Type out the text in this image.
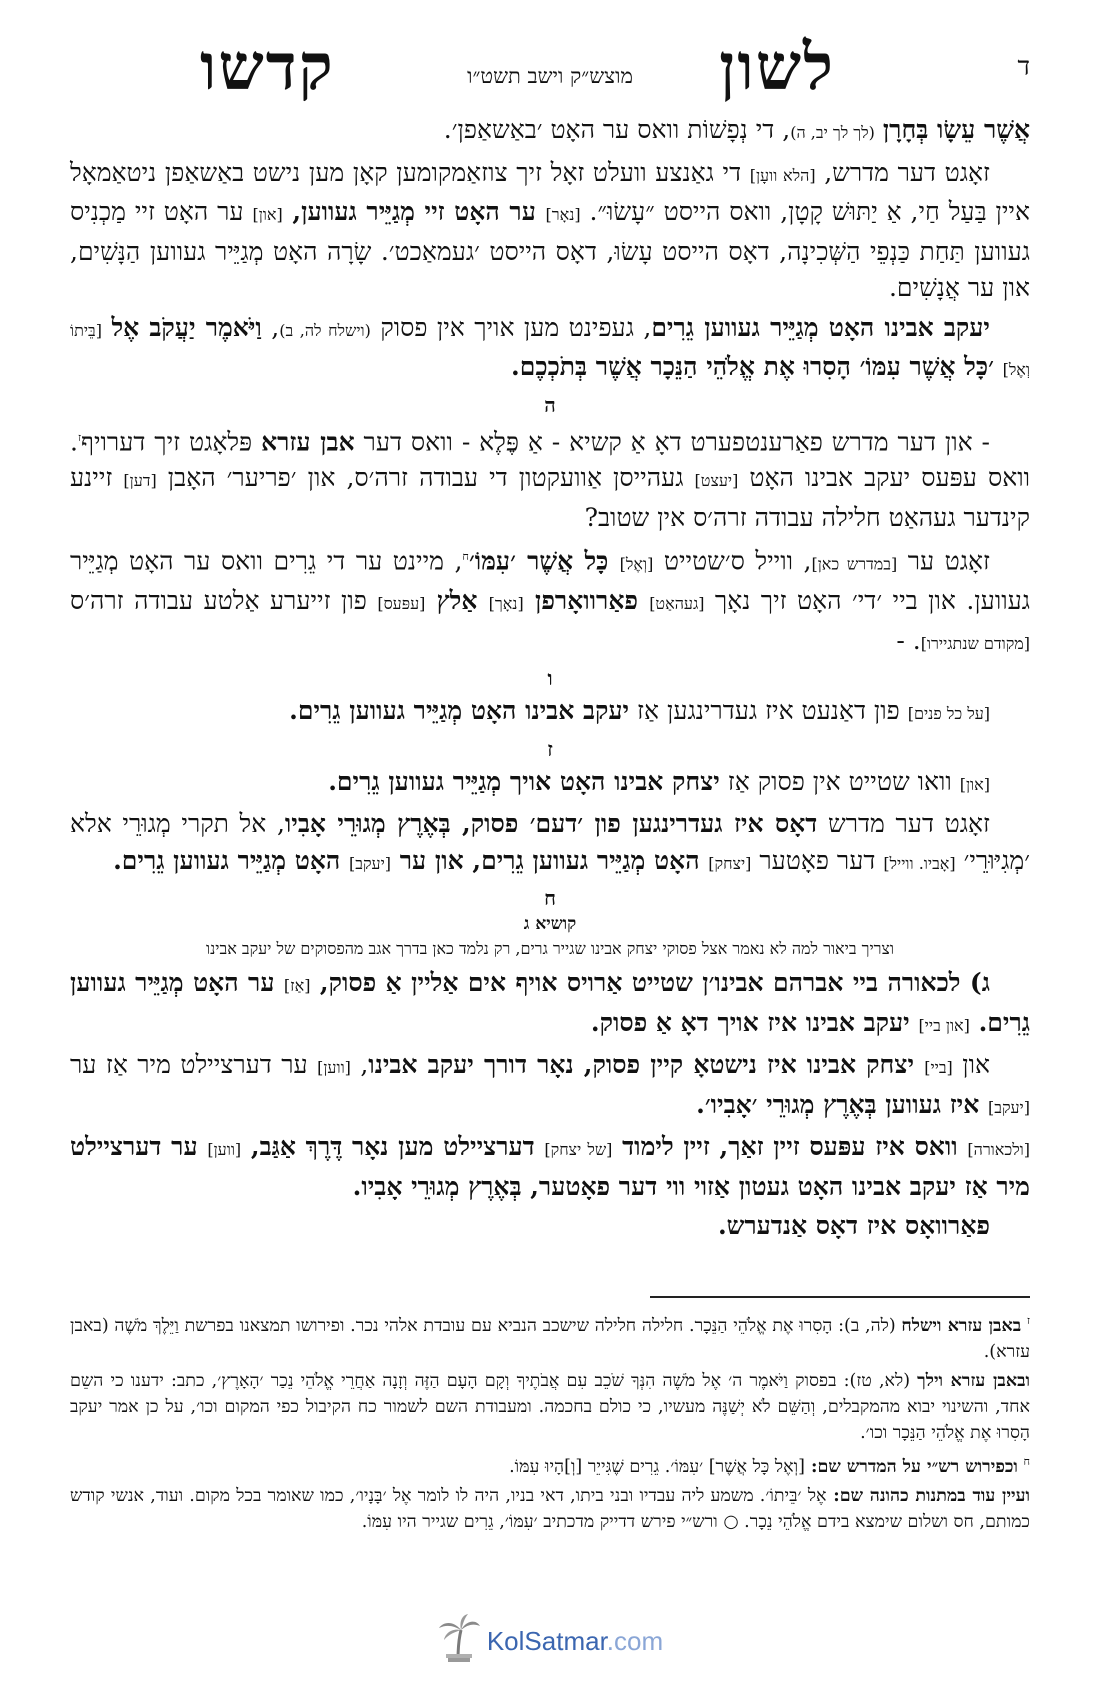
ד
לשון
מוצש״ק וישב תשט״ו
קדשו

אֲשֶׁר עֵשָׂו בְּחָרָן (לך לך יב, ה), די נְפָשׁוֹת וואס ער האָט ׳באַשאַפן׳.

זאָגט דער מדרש, [הלא וועָן] די גאַנצע וועלט זאָל זיך צוזאַמקומען קאָן מען נישט באַשאַפן ניטאַמאָל איין בַּעַל חַי, אַ יַתּוּשׁ קָטָן, וואס הייסט ״עָשׂוּ״. [נאָר] ער האָט זיי מְגַיֵּיר געווען, [און] ער האָט זיי מַכְנִיס געווען תַּחַת כַּנְפֵי הַשְּׁכִינָה, דאָס הייסט עָשׂוּ, דאָס הייסט ׳געמאַכט׳. שָׂרָה האָט מְגַיֵּיר געווען הַנָּשִׁים, און ער אֲנָשִׁים.

יעקב אבינו האָט מְגַיֵּיר געווען גֵרִים, געפינט מען אויך אין פסוק (וישלח לה, ב), וַיֹּאמֶר יַעֲקֹב אֶל [בֵּיתוֹ וְאֶל] ׳כָּל אֲשֶׁר עִמּוֹ׳ הָסִרוּ אֶת אֱלֹהֵי הַנֵּכָר אֲשֶׁר בְּתֹכְכֶם.

ה

- און דער מדרש פאַרענטפערט דאָ אַ קשיא - אַ פֶּלֶא - וואס דער אבן עזרא פּלאָגט זיך דערויף$^ז$. וואס עפּעס יעקב אבינו האָט [יעצט] געהייסן אַוועקטון די עבודה זרה׳ס, און ׳פריער׳ האָבן [דען] זיינע קינדער געהאַט חלילה עבודה זרה׳ס אין שטוב?

זאָגט ער [במדרש כאן], ווייל ס׳שטייט [וְאֶל] כָּל אֲשֶׁר ׳עִמּוֹ׳$^ח$, מיינט ער די גֵרִים וואס ער האָט מְגַיֵּיר געווען. און ביי ׳די׳ האָט זיך נאָך [געהאַט] פאַרוואָרפן [נאָך] אַלץ [עפּעס] פון זייערע אַלטע עבודה זרה׳ס [מקודם שנתגיירו]. -

ו

[על כל פנים] פון דאַנעט איז געדרינגען אַז יעקב אבינו האָט מְגַיֵּיר געווען גֵרִים.

ז

[און] וואו שטייט אין פסוק אַז יצחק אבינו האָט אויך מְגַיֵּיר געווען גֵרִים.

זאָגט דער מדרש דאָס איז געדרינגען פון ׳דעם׳ פסוק, בְּאֶרֶץ מְגוּרֵי אָבִיו, אל תקרי מְגוּרֵי אלא ׳מְגִיּוּרֵי׳ [אָביו. ווייל] דער פאָטער [יצחק] האָט מְגַיֵּיר געווען גֵרִים, און ער [יעקב] האָט מְגַיֵּיר געווען גֵרִים.

ח
קושיא ג
וצריך ביאור למה לא נאמר אצל פסוקי יצחק אבינו שגייר גרים, רק נלמד כאן בדרך אגב מהפסוקים של יעקב אבינו

ג) לכאורה ביי אברהם אבינו׳ן שטייט אַרויס אויף אים אַליין אַ פסוק, [אַז] ער האָט מְגַיֵּיר געווען גֵרִים. [און ביי] יעקב אבינו איז אויך דאָ אַ פסוק.

און [ביי] יצחק אבינו איז נישטאָ קיין פסוק, נאָר דורך יעקב אבינו, [ווען] ער דערציילט מיר אַז ער [יעקב] איז געווען בְּאֶרֶץ מְגוּרֵי ׳אָבִיו׳.

[ולכאורה] וואס איז עפּעס זיין זאַך, זיין לימוד [של יצחק] דערציילט מען נאָר דֶּרֶךְ אַגַּב, [ווען] ער דערציילט מיר אַז יעקב אבינו האָט געטון אַזוי ווי דער פאָטער, בְּאֶרֶץ מְגוּרֵי אָבִיו.

פאַרוואָס איז דאָס אַנדערש.

$^ז$ באבן עזרא וישלח (לה, ב): הָסִרוּ אֶת אֱלֹהֵי הַנֵּכָר. חלילה חלילה שישכב הנביא עם עובדת אלהי נכר. ופירושו תמצאנו בפרשת וַיֵּלֶךְ מֹשֶׁה (באבן עזרא).

ובאבן עזרא וילך (לא, טז): בפסוק וַיֹּאמֶר ה׳ אֶל מֹשֶׁה הִנְּךָ שֹׁכֵב עִם אֲבֹתֶיךָ וְקָם הָעָם הַזֶּה וְזָנָה אַחֲרֵי אֱלֹהֵי נֵכַר ׳הָאָרֶץ׳, כתב: ידענו כי השֵם אחד, והשינוי יבוא מהמקבלים, וְהַשֵּׁם לֹא יְשַׁנֶּה מעשיו, כי כולם בחכמה. ומעבודת השם לשמור כח הקיבול כפי המקום וכו׳, על כן אמר יעקב הָסִרוּ אֶת אֱלֹהֵי הַנֵּכָר וכו׳.

$^ח$ וכפירוש רש״י על המדרש שם: [וְאֶל כָּל אֲשֶׁר] ׳עִמּוֹ׳. גֵרִים שֶׁגִּייֵר [וְ]הָיוּ עִמּוֹ.

ועיין עוד במתנות כהונה שם: אֶל ׳בֵּיתוֹ׳. משמע ליה עבדיו ובני ביתו, דאי בניו, היה לו לומר אֶל ׳בָּנָיו׳, כמו שאומר בכל מקום. ועוד, אנשי קודש כמותם, חס ושלום שימצא בידם אֱלֹהֵי נֵכָר. ○ ורש״י פירש דדייק מדכתיב ׳עִמּוֹ׳, גֵרִים שגייר היו עִמּוֹ.

KolSatmar.com
